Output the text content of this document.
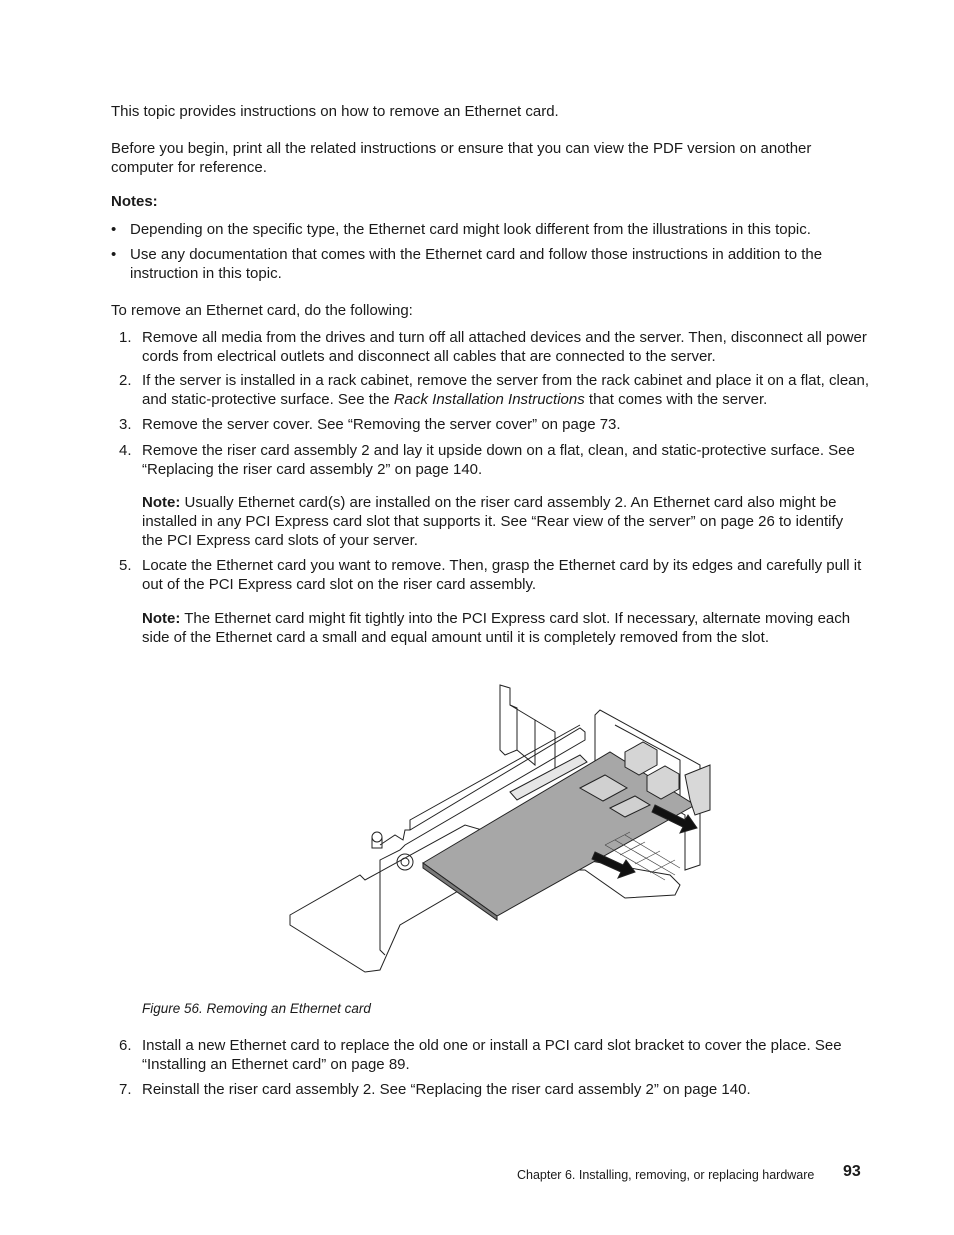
This topic provides instructions on how to remove an Ethernet card.

Before you begin, print all the related instructions or ensure that you can view the PDF version on another computer for reference.

Notes:

• Depending on the specific type, the Ethernet card might look different from the illustrations in this topic.
• Use any documentation that comes with the Ethernet card and follow those instructions in addition to the instruction in this topic.

To remove an Ethernet card, do the following:

1. Remove all media from the drives and turn off all attached devices and the server. Then, disconnect all power cords from electrical outlets and disconnect all cables that are connected to the server.
2. If the server is installed in a rack cabinet, remove the server from the rack cabinet and place it on a flat, clean, and static-protective surface. See the Rack Installation Instructions that comes with the server.
3. Remove the server cover. See “Removing the server cover” on page 73.
4. Remove the riser card assembly 2 and lay it upside down on a flat, clean, and static-protective surface. See “Replacing the riser card assembly 2” on page 140.

Note: Usually Ethernet card(s) are installed on the riser card assembly 2. An Ethernet card also might be installed in any PCI Express card slot that supports it. See “Rear view of the server” on page 26 to identify the PCI Express card slots of your server.

5. Locate the Ethernet card you want to remove. Then, grasp the Ethernet card by its edges and carefully pull it out of the PCI Express card slot on the riser card assembly.

Note: The Ethernet card might fit tightly into the PCI Express card slot. If necessary, alternate moving each side of the Ethernet card a small and equal amount until it is completely removed from the slot.

Figure 56. Removing an Ethernet card

6. Install a new Ethernet card to replace the old one or install a PCI card slot bracket to cover the place. See “Installing an Ethernet card” on page 89.
7. Reinstall the riser card assembly 2. See “Replacing the riser card assembly 2” on page 140.

Chapter 6. Installing, removing, or replacing hardware 93
